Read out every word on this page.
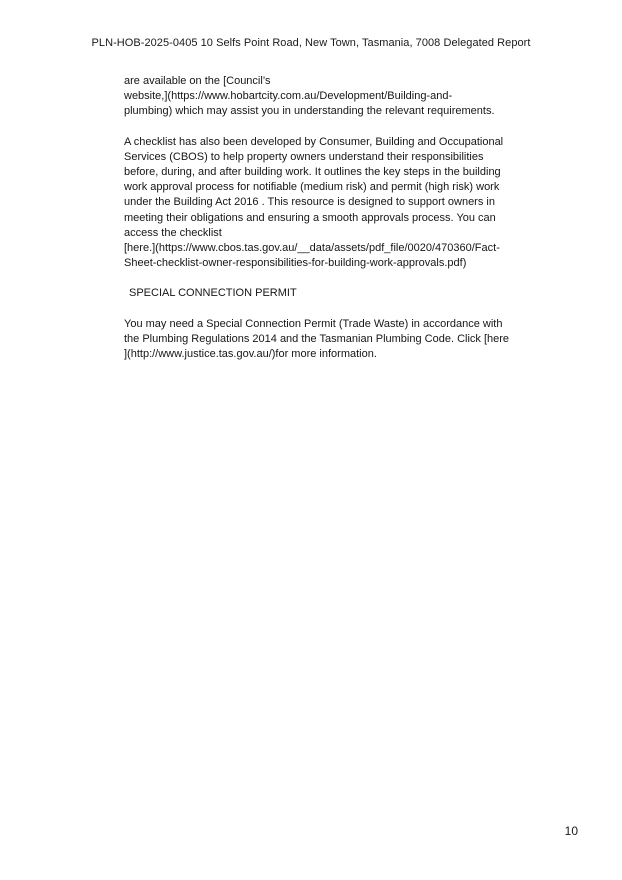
PLN-HOB-2025-0405 10 Selfs Point Road, New Town, Tasmania, 7008 Delegated Report

are available on the [Council’s
website,](https://www.hobartcity.com.au/Development/Building-and-
plumbing) which may assist you in understanding the relevant requirements.

A checklist has also been developed by Consumer, Building and Occupational
Services (CBOS) to help property owners understand their responsibilities
before, during, and after building work. It outlines the key steps in the building
work approval process for notifiable (medium risk) and permit (high risk) work
under the Building Act 2016 . This resource is designed to support owners in
meeting their obligations and ensuring a smooth approvals process. You can
access the checklist
[here.](https://www.cbos.tas.gov.au/__data/assets/pdf_file/0020/470360/Fact-
Sheet-checklist-owner-responsibilities-for-building-work-approvals.pdf)

SPECIAL CONNECTION PERMIT

You may need a Special Connection Permit (Trade Waste) in accordance with
the Plumbing Regulations 2014 and the Tasmanian Plumbing Code. Click [here
](http://www.justice.tas.gov.au/)for more information.

10
